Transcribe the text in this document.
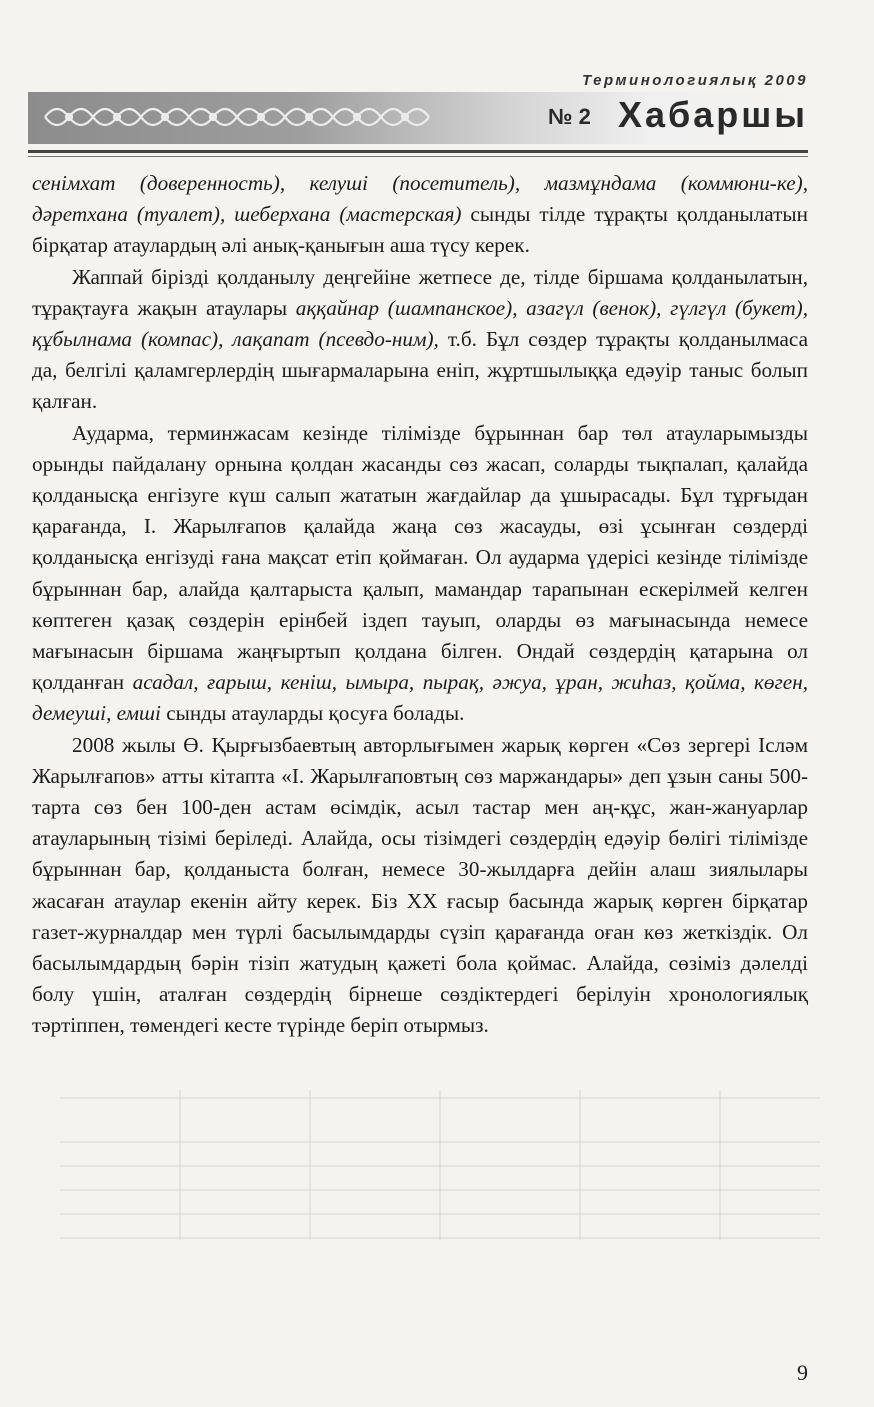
Терминологиялық 2009
№ 2 Хабаршы

сенімхат (доверенность), келуші (посетитель), мазмұндама (коммюни-ке), дәретхана (туалет), шеберхана (мастерская) сынды тілде тұрақты қолданылатын бірқатар атаулардың әлі анық-қанығын аша түсу керек.

Жаппай бірізді қолданылу деңгейіне жетпесе де, тілде біршама қолданылатын, тұрақтауға жақын атаулары аққайнар (шампанское), азагүл (венок), гүлгүл (букет), құбылнама (компас), лақапат (псевдо-ним), т.б. Бұл сөздер тұрақты қолданылмаса да, белгілі қаламгерлердің шығармаларына еніп, жұртшылыққа едәуір таныс болып қалған.

Аударма, терминжасам кезінде тілімізде бұрыннан бар төл атауларымызды орынды пайдалану орнына қолдан жасанды сөз жасап, соларды тықпалап, қалайда қолданысқа енгізуге күш салып жататын жағдайлар да ұшырасады. Бұл тұрғыдан қарағанда, І. Жарылғапов қалайда жаңа сөз жасауды, өзі ұсынған сөздерді қолданысқа енгізуді ғана мақсат етіп қоймаған. Ол аударма үдерісі кезінде тілімізде бұрыннан бар, алайда қалтарыста қалып, мамандар тарапынан ескерілмей келген көптеген қазақ сөздерін ерінбей іздеп тауып, оларды өз мағынасында немесе мағынасын біршама жаңғыртып қолдана білген. Ондай сөздердің қатарына ол қолданған асадал, ғарыш, кеніш, ымыра, пырақ, әжуа, ұран, жиһаз, қойма, көген, демеуші, емші сынды атауларды қосуға болады.

2008 жылы Ө. Қырғызбаевтың авторлығымен жарық көрген «Сөз зергері Ісләм Жарылғапов» атты кітапта «І. Жарылғаповтың сөз маржандары» деп ұзын саны 500-тарта сөз бен 100-ден астам өсімдік, асыл тастар мен аң-құс, жан-жануарлар атауларының тізімі беріледі. Алайда, осы тізімдегі сөздердің едәуір бөлігі тілімізде бұрыннан бар, қолданыста болған, немесе 30-жылдарға дейін алаш зиялылары жасаған атаулар екенін айту керек. Біз ХХ ғасыр басында жарық көрген бірқатар газет-журналдар мен түрлі басылымдарды сүзіп қарағанда оған көз жеткіздік. Ол басылымдардың бәрін тізіп жатудың қажеті бола қоймас. Алайда, сөзіміз дәлелді болу үшін, аталған сөздердің бірнеше сөздіктердегі берілуін хронологиялық тәртіппен, төмендегі кесте түрінде беріп отырмыз.

9
